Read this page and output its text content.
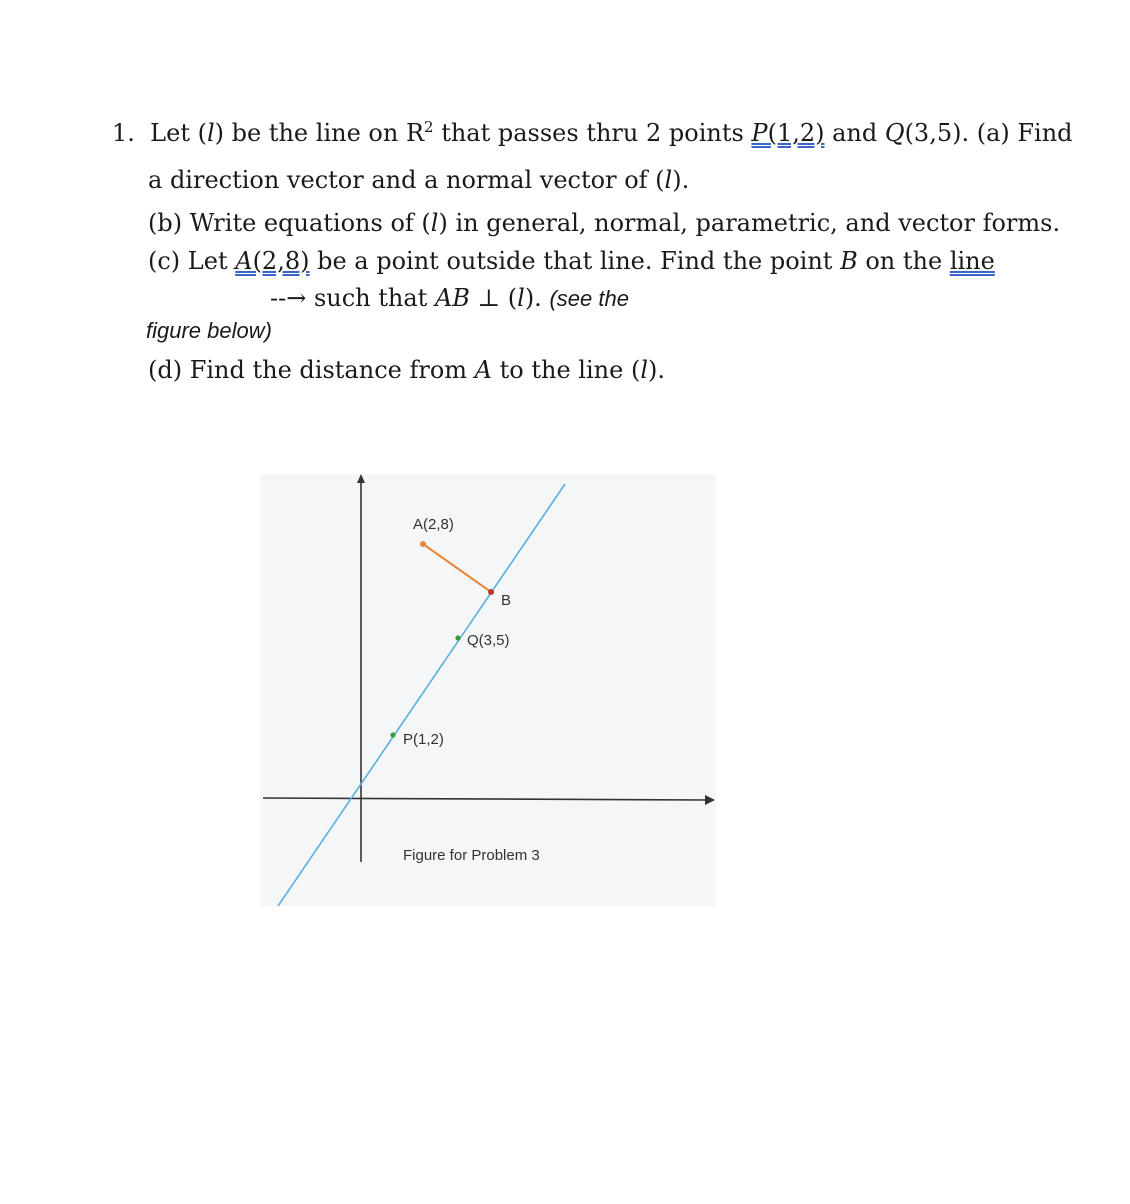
1. Let (l) be the line on $R^2$ that passes thru 2 points P(1,2) and Q(3,5). (a) Find
a direction vector and a normal vector of (l).
(b) Write equations of (l) in general, normal, parametric, and vector forms.
(c) Let A(2,8) be a point outside that line. Find the point B on the line
--→ such that AB ⊥ (l). (see the
figure below)
(d) Find the distance from A to the line (l).
A(2,8)
B
Q(3,5)
P(1,2)
Figure for Problem 3
